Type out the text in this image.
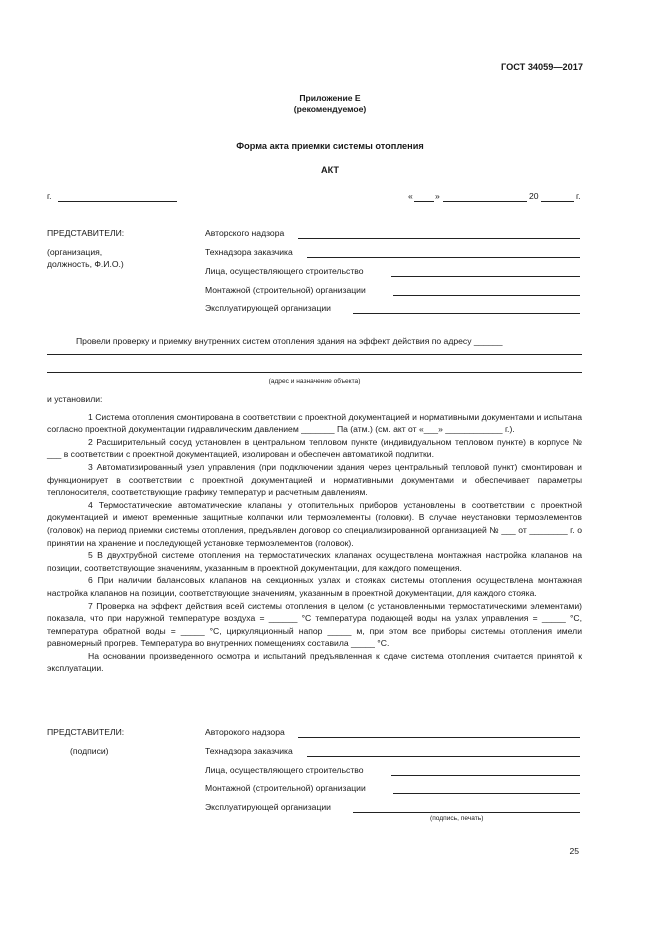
ГОСТ 34059—2017
Приложение Е
(рекомендуемое)
Форма акта приемки системы отопления
АКТ
г.	«	»	20	г.
ПРЕДСТАВИТЕЛИ:
(организация,
должность, Ф.И.О.)
Авторского надзора
Технадзора заказчика
Лица, осуществляющего строительство
Монтажной (строительной) организации
Эксплуатирующей организации
Провели проверку и приемку внутренних систем отопления здания на эффект действия по адресу ______
(адрес и назначение объекта)

и установили:

1 Система отопления смонтирована в соответствии с проектной документацией и нормативными документами и испытана согласно проектной документации гидравлическим давлением _______ Па (атм.) (см. акт от «___» ____________ г.).

2 Расширительный сосуд установлен в центральном тепловом пункте (индивидуальном тепловом пункте) в корпусе № ___ в соответствии с проектной документацией, изолирован и обеспечен автоматикой подпитки.

3 Автоматизированный узел управления (при подключении здания через центральный тепловой пункт) смонтирован и функционирует в соответствии с проектной документацией и нормативными документами и обеспечивает параметры теплоносителя, соответствующие графику температур и расчетным давлениям.

4 Термостатические автоматические клапаны у отопительных приборов установлены в соответствии с проектной документацией и имеют временные защитные колпачки или термоэлементы (головки). В случае неустановки термоэлементов (головок) на период приемки системы отопления, предъявлен договор со специализированной организацией № ___ от ________ г. о принятии на хранение и последующей установке термоэлементов (головок).

5 В двухтрубной системе отопления на термостатических клапанах осуществлена монтажная настройка клапанов на позиции, соответствующие значениям, указанным в проектной документации, для каждого помещения.

6 При наличии балансовых клапанов на секционных узлах и стояках системы отопления осуществлена монтажная настройка клапанов на позиции, соответствующие значениям, указанным в проектной документации, для каждого стояка.

7 Проверка на эффект действия всей системы отопления в целом (с установленными термостатическими элементами) показала, что при наружной температуре воздуха = ______ °С температура подающей воды на узлах управления = _____ °С, температура обратной воды = _____ °С, циркуляционный напор _____ м, при этом все приборы системы отопления имели равномерный прогрев. Температура во внутренних помещениях составила _____ °С.

На основании произведенного осмотра и испытаний предъявленная к сдаче система отопления считается принятой к эксплуатации.

ПРЕДСТАВИТЕЛИ:
(подписи)
Авторокого надзора
Технадзора заказчика
Лица, осуществляющего строительство
Монтажной (строительной) организации
Эксплуатирующей организации
(подпись, печать)
25
